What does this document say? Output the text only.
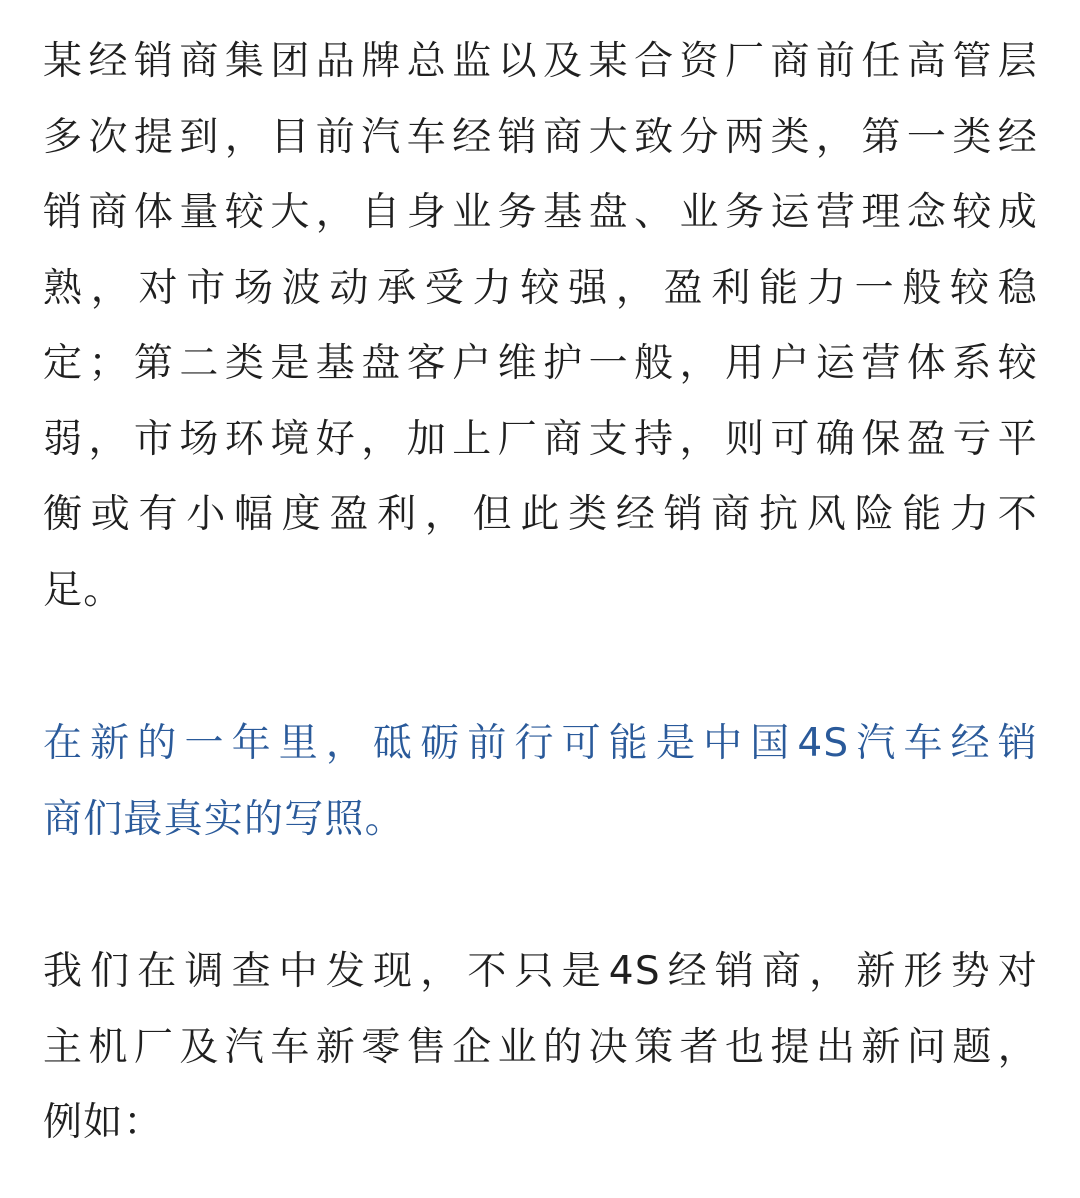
某经销商集团品牌总监以及某合资厂商前任高管层
多次提到，目前汽车经销商大致分两类，第一类经
销商体量较大，自身业务基盘、业务运营理念较成
熟，对市场波动承受力较强，盈利能力一般较稳
定；第二类是基盘客户维护一般，用户运营体系较
弱，市场环境好，加上厂商支持，则可确保盈亏平
衡或有小幅度盈利，但此类经销商抗风险能力不
足。

在新的一年里，砥砺前行可能是中国4S汽车经销
商们最真实的写照。

我们在调查中发现，不只是4S经销商，新形势对
主机厂及汽车新零售企业的决策者也提出新问题，
例如：
